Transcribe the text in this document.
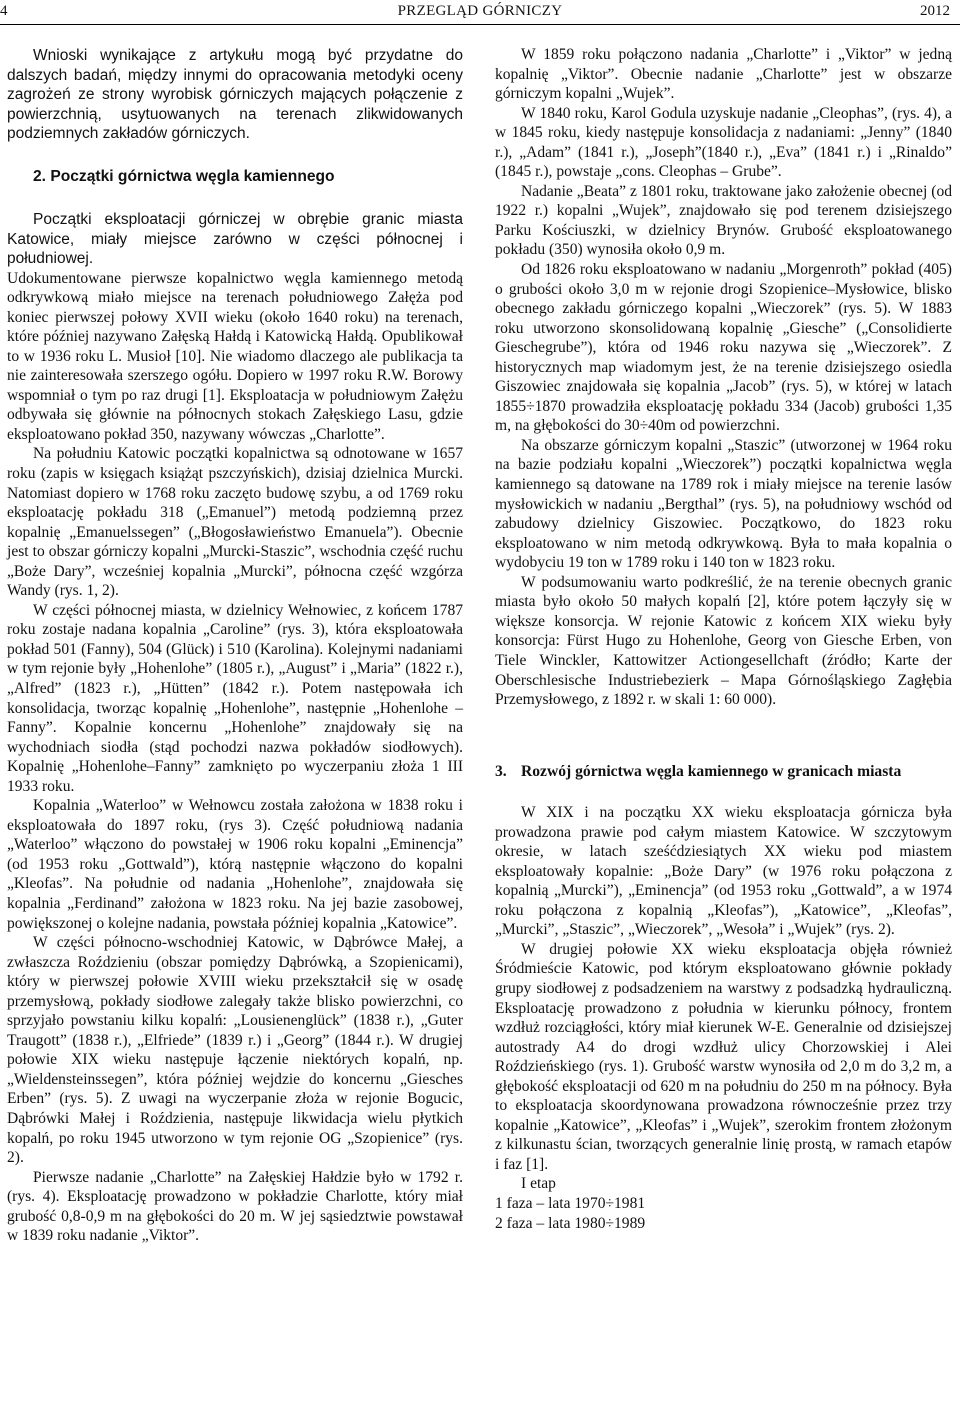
4	PRZEGLĄD GÓRNICZY	2012

Wnioski wynikające z artykułu mogą być przydatne do dalszych badań, między innymi do opracowania metodyki oceny zagrożeń ze strony wyrobisk górniczych mających połączenie z powierzchnią, usytuowanych na terenach zlikwidowanych podziemnych zakładów górniczych.

2. Początki górnictwa węgla kamiennego

Początki eksploatacji górniczej w obrębie granic miasta Katowice, miały miejsce zarówno w części północnej i południowej.

Udokumentowane pierwsze kopalnictwo węgla kamiennego metodą odkrywkową miało miejsce na terenach południowego Załęża pod koniec pierwszej połowy XVII wieku (około 1640 roku) na terenach, które później nazywano Załęską Hałdą i Katowicką Hałdą. Opublikował to w 1936 roku L. Musioł [10]. Nie wiadomo dlaczego ale publikacja ta nie zainteresowała szerszego ogółu. Dopiero w 1997 roku R.W. Borowy wspomniał o tym po raz drugi [1]. Eksploatacja w południowym Załężu odbywała się głównie na północnych stokach Załęskiego Lasu, gdzie eksploatowano pokład 350, nazywany wówczas „Charlotte”.

Na południu Katowic początki kopalnictwa są odnotowane w 1657 roku (zapis w księgach książąt pszczyńskich), dzisiaj dzielnica Murcki. Natomiast dopiero w 1768 roku zaczęto budowę szybu, a od 1769 roku eksploatację pokładu 318 („Emanuel”) metodą podziemną przez kopalnię „Emanuelssegen” („Błogosławieństwo Emanuela”). Obecnie jest to obszar górniczy kopalni „Murcki-Staszic”, wschodnia część ruchu „Boże Dary”, wcześniej kopalnia „Murcki”, północna część wzgórza Wandy (rys. 1, 2).

W części północnej miasta, w dzielnicy Wełnowiec, z końcem 1787 roku zostaje nadana kopalnia „Caroline” (rys. 3), która eksploatowała pokład 501 (Fanny), 504 (Glück) i 510 (Karolina). Kolejnymi nadaniami w tym rejonie były „Hohenlohe” (1805 r.), „August” i „Maria” (1822 r.), „Alfred” (1823 r.), „Hütten” (1842 r.). Potem następowała ich konsolidacja, tworząc kopalnię „Hohenlohe”, następnie „Hohenlohe – Fanny”. Kopalnie koncernu „Hohenlohe” znajdowały się na wychodniach siodła (stąd pochodzi nazwa pokładów siodłowych). Kopalnię „Hohenlohe–Fanny” zamknięto po wyczerpaniu złoża 1 III 1933 roku.

Kopalnia „Waterloo” w Wełnowcu została założona w 1838 roku i eksploatowała do 1897 roku, (rys 3). Część południową nadania „Waterloo” włączono do powstałej w 1906 roku kopalni „Eminencja” (od 1953 roku „Gottwald”), którą następnie włączono do kopalni „Kleofas”. Na południe od nadania „Hohenlohe”, znajdowała się kopalnia „Ferdinand” założona w 1823 roku. Na jej bazie zasobowej, powiększonej o kolejne nadania, powstała później kopalnia „Katowice”.

W części północno-wschodniej Katowic, w Dąbrówce Małej, a zwłaszcza Roździeniu (obszar pomiędzy Dąbrówką, a Szopienicami), który w pierwszej połowie XVIII wieku przekształcił się w osadę przemysłową, pokłady siodłowe zalegały także blisko powierzchni, co sprzyjało powstaniu kilku kopalń: „Lousienenglück” (1838 r.), „Guter Traugott” (1838 r.), „Elfriede” (1839 r.) i „Georg” (1844 r.). W drugiej połowie XIX wieku następuje łączenie niektórych kopalń, np. „Wieldensteinssegen”, która później wejdzie do koncernu „Giesches Erben” (rys. 5). Z uwagi na wyczerpanie złoża w rejonie Bogucic, Dąbrówki Małej i Roździenia, następuje likwidacja wielu płytkich kopalń, po roku 1945 utworzono w tym rejonie OG „Szopienice” (rys. 2).

Pierwsze nadanie „Charlotte” na Załęskiej Hałdzie było w 1792 r. (rys. 4). Eksploatację prowadzono w pokładzie Charlotte, który miał grubość 0,8-0,9 m na głębokości do 20 m. W jej sąsiedztwie powstawał w 1839 roku nadanie „Viktor”.

W 1859 roku połączono nadania „Charlotte” i „Viktor” w jedną kopalnię „Viktor”. Obecnie nadanie „Charlotte” jest w obszarze górniczym kopalni „Wujek”.

W 1840 roku, Karol Godula uzyskuje nadanie „Cleophas”, (rys. 4), a w 1845 roku, kiedy następuje konsolidacja z nadaniami: „Jenny” (1840 r.), „Adam” (1841 r.), „Joseph”(1840 r.), „Eva” (1841 r.) i „Rinaldo” (1845 r.), powstaje „cons. Cleophas – Grube”.

Nadanie „Beata” z 1801 roku, traktowane jako założenie obecnej (od 1922 r.) kopalni „Wujek”, znajdowało się pod terenem dzisiejszego Parku Kościuszki, w dzielnicy Brynów. Grubość eksploatowanego pokładu (350) wynosiła około 0,9 m.

Od 1826 roku eksploatowano w nadaniu „Morgenroth” pokład (405) o grubości około 3,0 m w rejonie drogi Szopienice–Mysłowice, blisko obecnego zakładu górniczego kopalni „Wieczorek” (rys. 5). W 1883 roku utworzono skonsolidowaną kopalnię „Giesche” („Consolidierte Gieschegrube”), która od 1946 roku nazywa się „Wieczorek”. Z historycznych map wiadomym jest, że na terenie dzisiejszego osiedla Giszowiec znajdowała się kopalnia „Jacob” (rys. 5), w której w latach 1855÷1870 prowadziła eksploatację pokładu 334 (Jacob) grubości 1,35 m, na głębokości do 30÷40m od powierzchni.

Na obszarze górniczym kopalni „Staszic” (utworzonej w 1964 roku na bazie podziału kopalni „Wieczorek”) początki kopalnictwa węgla kamiennego są datowane na 1789 rok i miały miejsce na terenie lasów mysłowickich w nadaniu „Bergthal” (rys. 5), na południowy wschód od zabudowy dzielnicy Giszowiec. Początkowo, do 1823 roku eksploatowano w nim metodą odkrywkową. Była to mała kopalnia o wydobyciu 19 ton w 1789 roku i 140 ton w 1823 roku.

W podsumowaniu warto podkreślić, że na terenie obecnych granic miasta było około 50 małych kopalń [2], które potem łączyły się w większe konsorcja. W rejonie Katowic z końcem XIX wieku były konsorcja: Fürst Hugo zu Hohenlohe, Georg von Giesche Erben, von Tiele Winckler, Kattowitzer Actiongesellchaft (źródło; Karte der Oberschlesische Industriebezierk – Mapa Górnośląskiego Zagłębia Przemysłowego, z 1892 r. w skali 1: 60 000).

3. Rozwój górnictwa węgla kamiennego w granicach miasta

W XIX i na początku XX wieku eksploatacja górnicza była prowadzona prawie pod całym miastem Katowice. W szczytowym okresie, w latach sześćdziesiątych XX wieku pod miastem eksploatowały kopalnie: „Boże Dary” (w 1976 roku połączona z kopalnią „Murcki”), „Eminencja” (od 1953 roku „Gottwald”, a w 1974 roku połączona z kopalnią „Kleofas”), „Katowice”, „Kleofas”, „Murcki”, „Staszic”, „Wieczorek”, „Wesoła” i „Wujek” (rys. 2).

W drugiej połowie XX wieku eksploatacja objęła również Śródmieście Katowic, pod którym eksploatowano głównie pokłady grupy siodłowej z podsadzeniem na warstwy z podsadzką hydrauliczną. Eksploatację prowadzono z południa w kierunku północy, frontem wzdłuż rozciągłości, który miał kierunek W-E. Generalnie od dzisiejszej autostrady A4 do drogi wzdłuż ulicy Chorzowskiej i Alei Roździeńskiego (rys. 1). Grubość warstw wynosiła od 2,0 m do 3,2 m, a głębokość eksploatacji od 620 m na południu do 250 m na północy. Była to eksploatacja skoordynowana prowadzona równocześnie przez trzy kopalnie „Katowice”, „Kleofas” i „Wujek”, szerokim frontem złożonym z kilkunastu ścian, tworzących generalnie linię prostą, w ramach etapów i faz [1].

I etap

1 faza – lata 1970÷1981

2 faza – lata 1980÷1989
